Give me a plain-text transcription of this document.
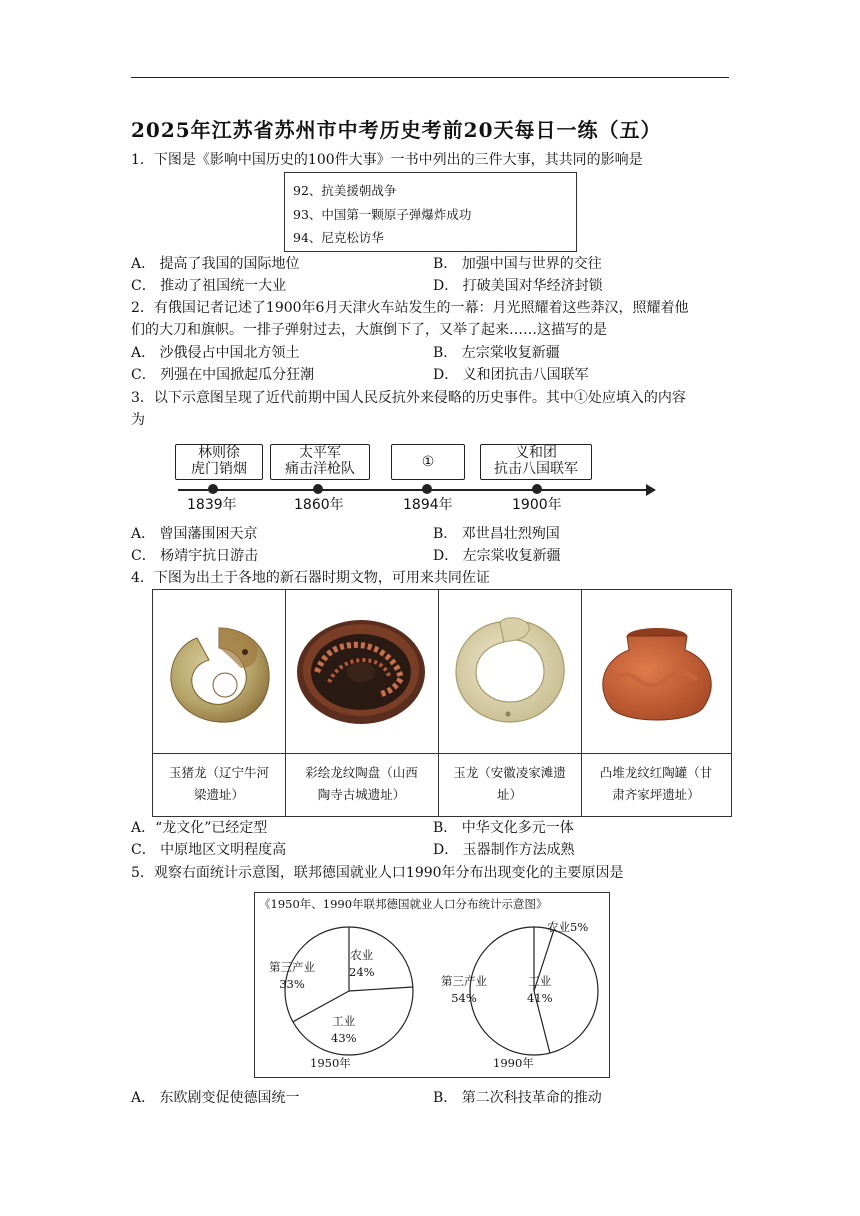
2025年江苏省苏州市中考历史考前20天每日一练（五）
1．下图是《影响中国历史的100件大事》一书中列出的三件大事，其共同的影响是
92、抗美援朝战争
93、中国第一颗原子弹爆炸成功
94、尼克松访华
A． 提高了我国的国际地位	B． 加强中国与世界的交往
C． 推动了祖国统一大业	D． 打破美国对华经济封锁
2．有俄国记者记述了1900年6月天津火车站发生的一幕：月光照耀着这些莽汉，照耀着他
们的大刀和旗帜。一排子弹射过去，大旗倒下了，又举了起来……这描写的是
A． 沙俄侵占中国北方领土	B． 左宗棠收复新疆
C． 列强在中国掀起瓜分狂潮	D． 义和团抗击八国联军
3．以下示意图呈现了近代前期中国人民反抗外来侵略的历史事件。其中①处应填入的内容
为
林则徐
虎门销烟
太平军
痛击洋枪队	①
义和团
抗击八国联军
1839年	1860年	1894年	1900年
A． 曾国藩围困天京	B． 邓世昌壮烈殉国
C． 杨靖宇抗日游击	D． 左宗棠收复新疆
4．下图为出土于各地的新石器时期文物，可用来共同佐证
玉猪龙（辽宁牛河
梁遗址）
彩绘龙纹陶盘（山西
陶寺古城遗址）
玉龙（安徽凌家滩遗
址）
凸堆龙纹红陶罐（甘
肃齐家坪遗址）
A．“龙文化”已经定型	B． 中华文化多元一体
C． 中原地区文明程度高	D． 玉器制作方法成熟
5．观察右面统计示意图，联邦德国就业人口1990年分布出现变化的主要原因是
《1950年、1990年联邦德国就业人口分布统计示意图》
农业
24%
第三产业
33%
工业
43%
1950年
农业5%
第三产业
54%
工业
41%
1990年
A． 东欧剧变促使德国统一	B． 第二次科技革命的推动
